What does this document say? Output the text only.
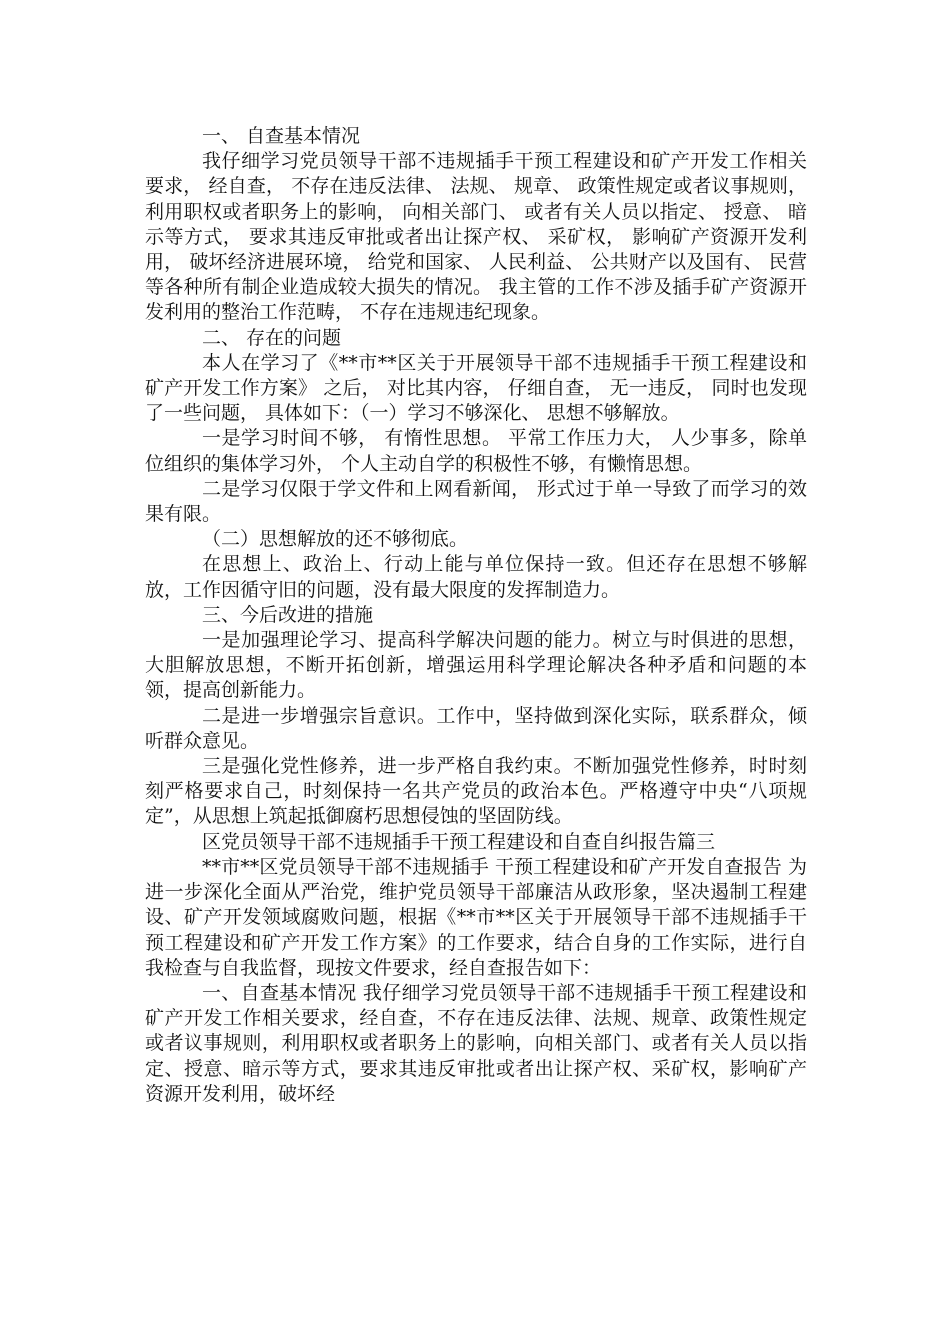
一、 自查基本情况

我仔细学习党员领导干部不违规插手干预工程建设和矿产开发工作相关要求， 经自查， 不存在违反法律、 法规、 规章、 政策性规定或者议事规则， 利用职权或者职务上的影响， 向相关部门、 或者有关人员以指定、 授意、 暗示等方式， 要求其违反审批或者出让探产权、 采矿权， 影响矿产资源开发利用， 破坏经济进展环境， 给党和国家、 人民利益、 公共财产以及国有、 民营等各种所有制企业造成较大损失的情况。 我主管的工作不涉及插手矿产资源开发利用的整治工作范畴， 不存在违规违纪现象。

二、 存在的问题

本人在学习了《**市**区关于开展领导干部不违规插手干预工程建设和矿产开发工作方案》 之后， 对比其内容， 仔细自查， 无一违反， 同时也发现了一些问题， 具体如下：（一）学习不够深化、 思想不够解放。

一是学习时间不够， 有惰性思想。 平常工作压力大， 人少事多，除单位组织的集体学习外， 个人主动自学的积极性不够，有懒惰思想。

二是学习仅限于学文件和上网看新闻， 形式过于单一导致了而学习的效果有限。

（二）思想解放的还不够彻底。

在思想上、政治上、行动上能与单位保持一致。但还存在思想不够解放，工作因循守旧的问题，没有最大限度的发挥制造力。

三、今后改进的措施

一是加强理论学习、提高科学解决问题的能力。树立与时俱进的思想，大胆解放思想，不断开拓创新，增强运用科学理论解决各种矛盾和问题的本领，提高创新能力。

二是进一步增强宗旨意识。工作中，坚持做到深化实际，联系群众，倾听群众意见。

三是强化党性修养，进一步严格自我约束。不断加强党性修养，时时刻刻严格要求自己，时刻保持一名共产党员的政治本色。严格遵守中央“八项规定”，从思想上筑起抵御腐朽思想侵蚀的坚固防线。

区党员领导干部不违规插手干预工程建设和自查自纠报告篇三

**市**区党员领导干部不违规插手 干预工程建设和矿产开发自查报告 为进一步深化全面从严治党，维护党员领导干部廉洁从政形象，坚决遏制工程建设、矿产开发领域腐败问题，根据《**市**区关于开展领导干部不违规插手干预工程建设和矿产开发工作方案》的工作要求，结合自身的工作实际，进行自我检查与自我监督，现按文件要求，经自查报告如下：

一、自查基本情况 我仔细学习党员领导干部不违规插手干预工程建设和矿产开发工作相关要求，经自查，不存在违反法律、法规、规章、政策性规定或者议事规则，利用职权或者职务上的影响，向相关部门、或者有关人员以指定、授意、暗示等方式，要求其违反审批或者出让探产权、采矿权，影响矿产资源开发利用，破坏经
